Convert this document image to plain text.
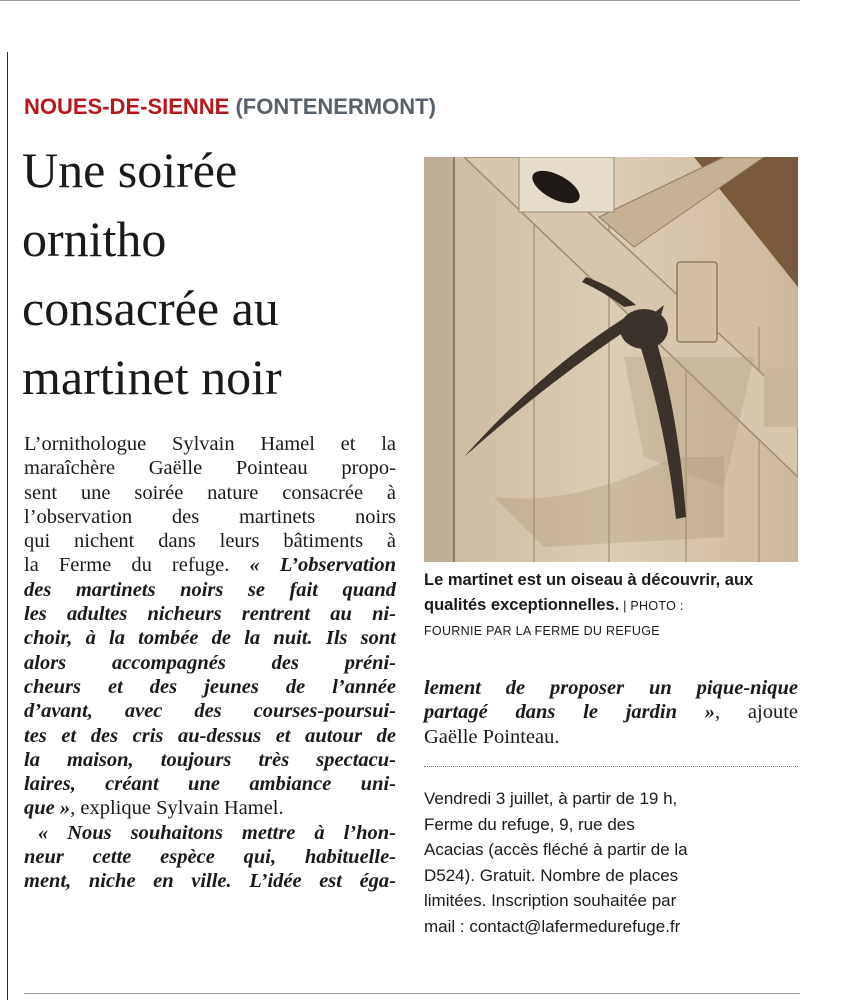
NOUES-DE-SIENNE (FONTENERMONT)
Une soirée
ornitho
consacrée au
martinet noir
L’ornithologue Sylvain Hamel et la
maraîchère Gaëlle Pointeau propo-
sent une soirée nature consacrée à
l’observation des martinets noirs
qui nichent dans leurs bâtiments à
la Ferme du refuge. « L’observation
des martinets noirs se fait quand
les adultes nicheurs rentrent au ni-
choir, à la tombée de la nuit. Ils sont
alors accompagnés des préni-
cheurs et des jeunes de l’année
d’avant, avec des courses-poursui-
tes et des cris au-dessus et autour de
la maison, toujours très spectacu-
laires, créant une ambiance uni-
que », explique Sylvain Hamel.
« Nous souhaitons mettre à l’hon-
neur cette espèce qui, habituelle-
ment, niche en ville. L’idée est éga-
Le martinet est un oiseau à découvrir, aux
qualités exceptionnelles. | PHOTO :
FOURNIE PAR LA FERME DU REFUGE
lement de proposer un pique-nique
partagé dans le jardin », ajoute
Gaëlle Pointeau.
Vendredi 3 juillet, à partir de 19 h,
Ferme du refuge, 9, rue des
Acacias (accès fléché à partir de la
D524). Gratuit. Nombre de places
limitées. Inscription souhaitée par
mail : contact@lafermedurefuge.fr
